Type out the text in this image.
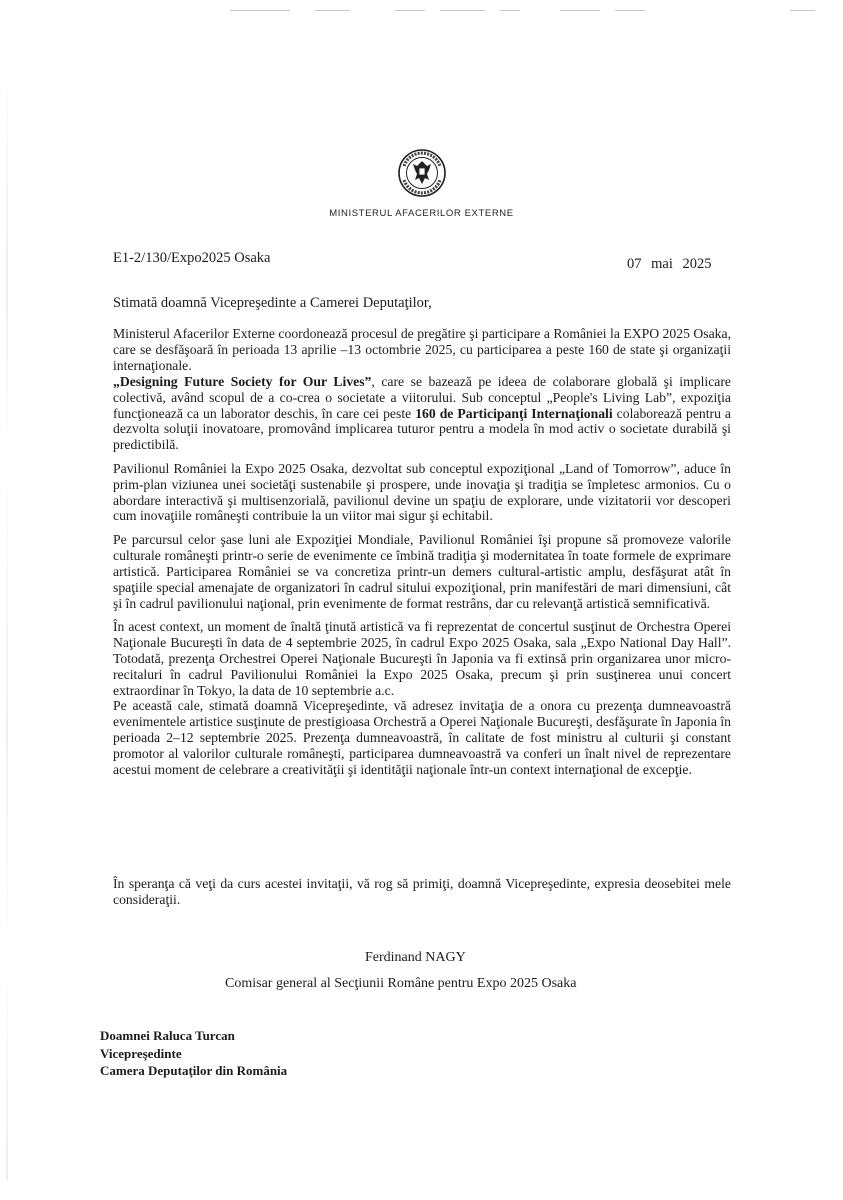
MINISTERUL AFACERILOR EXTERNE
E1-2/130/Expo2025 Osaka	07 mai 2025
Stimată doamnă Vicepreşedinte a Camerei Deputaţilor,

Ministerul Afacerilor Externe coordonează procesul de pregătire şi participare a României la EXPO 2025 Osaka, care se desfăşoară în perioada 13 aprilie –13 octombrie 2025, cu participarea a peste 160 de state şi organizaţii internaţionale.

„Designing Future Society for Our Lives”, care se bazează pe ideea de colaborare globală şi implicare colectivă, având scopul de a co-crea o societate a viitorului. Sub conceptul „People's Living Lab”, expoziţia funcţionează ca un laborator deschis, în care cei peste 160 de Participanţi Internaţionali colaborează pentru a dezvolta soluţii inovatoare, promovând implicarea tuturor pentru a modela în mod activ o societate durabilă şi predictibilă.

Pavilionul României la Expo 2025 Osaka, dezvoltat sub conceptul expoziţional „Land of Tomorrow”, aduce în prim-plan viziunea unei societăţi sustenabile şi prospere, unde inovaţia şi tradiţia se împletesc armonios. Cu o abordare interactivă şi multisenzorială, pavilionul devine un spaţiu de explorare, unde vizitatorii vor descoperi cum inovaţiile româneşti contribuie la un viitor mai sigur şi echitabil.

Pe parcursul celor şase luni ale Expoziţiei Mondiale, Pavilionul României îşi propune să promoveze valorile culturale româneşti printr-o serie de evenimente ce îmbină tradiţia şi modernitatea în toate formele de exprimare artistică. Participarea României se va concretiza printr-un demers cultural-artistic amplu, desfăşurat atât în spaţiile special amenajate de organizatori în cadrul sitului expoziţional, prin manifestări de mari dimensiuni, cât şi în cadrul pavilionului naţional, prin evenimente de format restrâns, dar cu relevanţă artistică semnificativă.

În acest context, un moment de înaltă ţinută artistică va fi reprezentat de concertul susţinut de Orchestra Operei Naţionale Bucureşti în data de 4 septembrie 2025, în cadrul Expo 2025 Osaka, sala „Expo National Day Hall”. Totodată, prezenţa Orchestrei Operei Naţionale Bucureşti în Japonia va fi extinsă prin organizarea unor micro-recitaluri în cadrul Pavilionului României la Expo 2025 Osaka, precum şi prin susţinerea unui concert extraordinar în Tokyo, la data de 10 septembrie a.c.

Pe această cale, stimată doamnă Vicepreşedinte, vă adresez invitaţia de a onora cu prezenţa dumneavoastră evenimentele artistice susţinute de prestigioasa Orchestră a Operei Naţionale Bucureşti, desfăşurate în Japonia în perioada 2–12 septembrie 2025. Prezenţa dumneavoastră, în calitate de fost ministru al culturii şi constant promotor al valorilor culturale româneşti, participarea dumneavoastră va conferi un înalt nivel de reprezentare acestui moment de celebrare a creativităţii şi identităţii naţionale într-un context internaţional de excepţie.

În speranţa că veţi da curs acestei invitaţii, vă rog să primiţi, doamnă Vicepreşedinte, expresia deosebitei mele consideraţii.
Ferdinand NAGY
Comisar general al Secţiunii Române pentru Expo 2025 Osaka
Doamnei Raluca Turcan
Vicepreşedinte
Camera Deputaţilor din România
